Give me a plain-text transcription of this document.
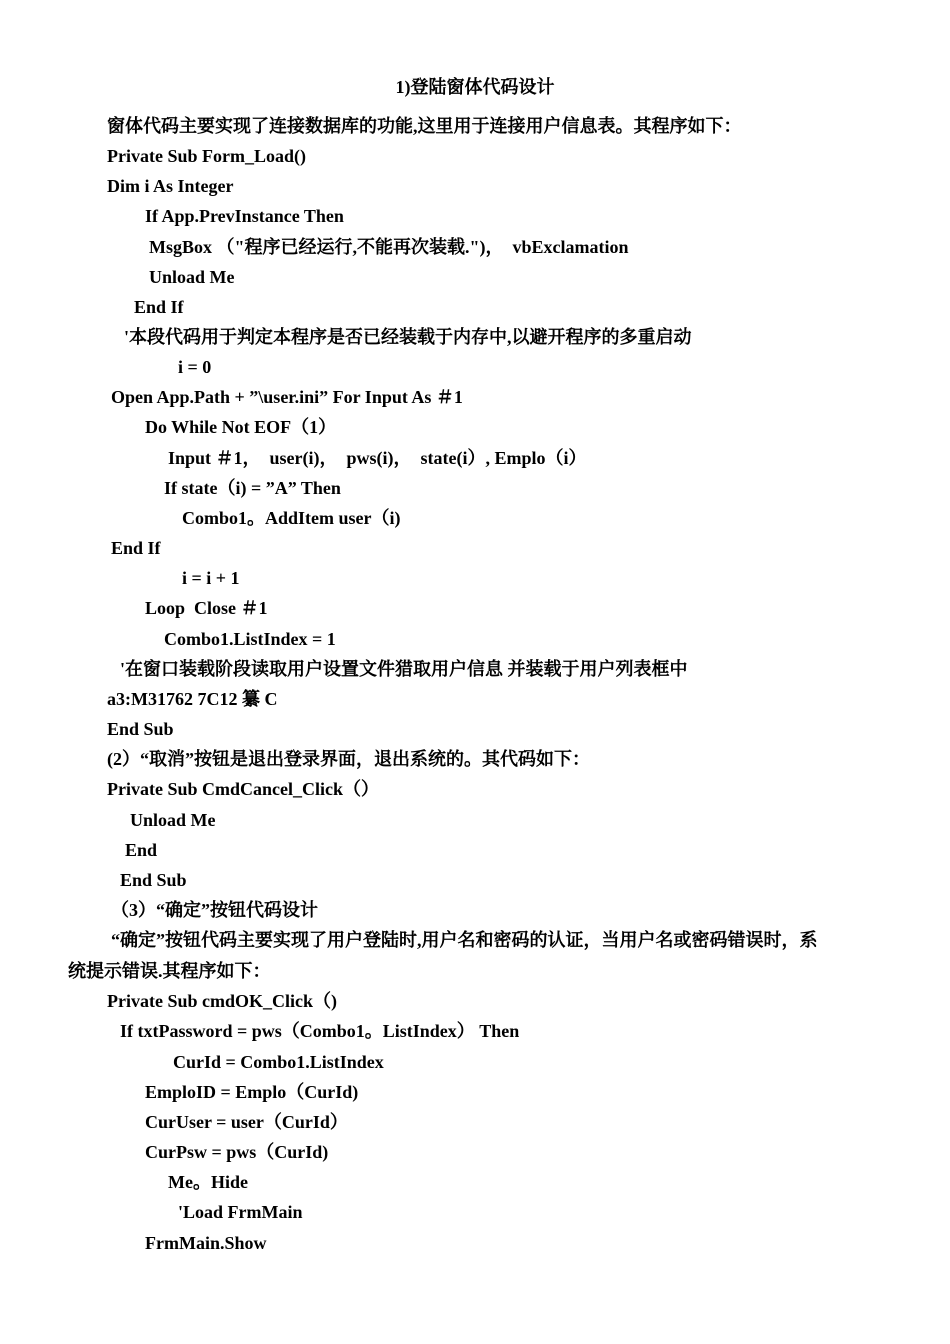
1)登陆窗体代码设计
窗体代码主要实现了连接数据库的功能,这里用于连接用户信息表。其程序如下：
Private Sub Form_Load()
Dim i As Integer
If App.PrevInstance Then
MsgBox （"程序已经运行,不能再次装载.")，  vbExclamation
Unload Me
End If
'本段代码用于判定本程序是否已经装载于内存中,以避开程序的多重启动
i = 0
Open App.Path + ”\user.ini” For Input As ＃1
Do While Not EOF（1）
Input ＃1，  user(i)，  pws(i)，  state(i）, Emplo（i）
If state（i) = ”A” Then
Combo1。AddItem user（i)
End If
i = i + 1
Loop  Close ＃1
Combo1.ListIndex = 1
'在窗口装载阶段读取用户设置文件猎取用户信息 并装载于用户列表框中
a3:M31762 7C12 纂 C
End Sub
(2）“取消”按钮是退出登录界面，退出系统的。其代码如下：
Private Sub CmdCancel_Click（）
Unload Me
End
End Sub
（3）“确定”按钮代码设计
“确定”按钮代码主要实现了用户登陆时,用户名和密码的认证，当用户名或密码错误时，系
统提示错误.其程序如下：
Private Sub cmdOK_Click（)
If txtPassword = pws（Combo1。ListIndex） Then
CurId = Combo1.ListIndex
EmploID = Emplo（CurId)
CurUser = user（CurId）
CurPsw = pws（CurId)
Me。Hide
'Load FrmMain
FrmMain.Show
